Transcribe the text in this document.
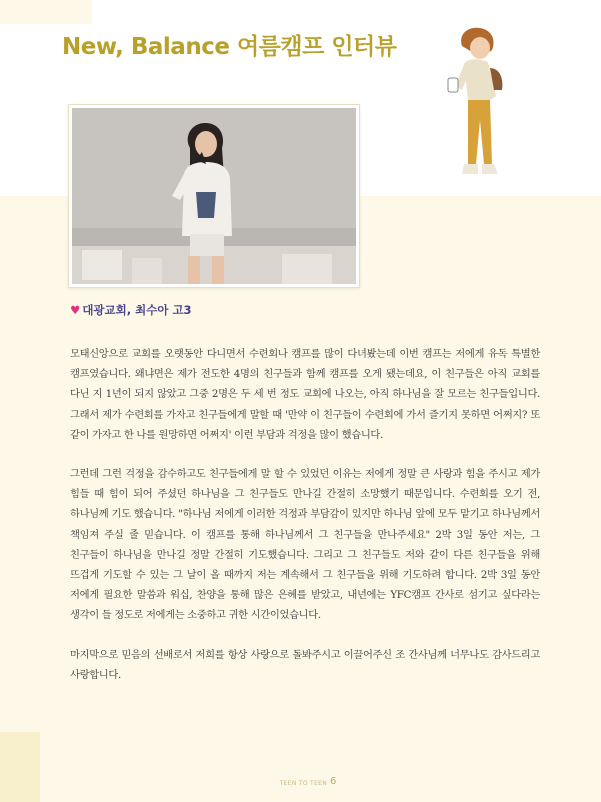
New, Balance 여름캠프 인터뷰

♥ 대광교회, 최수아 고3

모태신앙으로 교회를 오랫동안 다니면서 수련회나 캠프를 많이 다녀봤는데 이번 캠프는 저에게 유독 특별한 캠프였습니다. 왜냐면은 제가 전도한 4명의 친구들과 함께 캠프를 오게 됐는데요, 이 친구들은 아직 교회를 다닌 지 1년이 되지 않았고 그중 2명은 두 세 번 정도 교회에 나오는, 아직 하나님을 잘 모르는 친구들입니다. 그래서 제가 수련회를 가자고 친구들에게 말할 때 '만약 이 친구들이 수련회에 가서 즐기지 못하면 어쩌지? 또 같이 가자고 한 나를 원망하면 어쩌지' 이런 부담과 걱정을 많이 했습니다.

그런데 그런 걱정을 감수하고도 친구들에게 말 할 수 있었던 이유는 저에게 정말 큰 사랑과 힘을 주시고 제가 힘들 때 힘이 되어 주셨던 하나님을 그 친구들도 만나길 간절히 소망했기 때문입니다. 수련회를 오기 전, 하나님께 기도 했습니다. "하나님 저에게 이러한 걱정과 부담감이 있지만 하나님 앞에 모두 맡기고 하나님께서 책임져 주실 줄 믿습니다. 이 캠프를 통해 하나님께서 그 친구들을 만나주세요" 2박 3일 동안 저는, 그 친구들이 하나님을 만나길 정말 간절히 기도했습니다. 그리고 그 친구들도 저와 같이 다른 친구들을 위해 뜨겁게 기도할 수 있는 그 날이 올 때까지 저는 계속해서 그 친구들을 위해 기도하려 합니다. 2박 3일 동안 저에게 필요한 말씀과 워십, 찬양을 통해 많은 은혜를 받았고, 내년에는 YFC캠프 간사로 섬기고 싶다라는 생각이 들 정도로 저에게는 소중하고 귀한 시간이었습니다.

마지막으로 믿음의 선배로서 저희를 항상 사랑으로 돌봐주시고 이끌어주신 조 간사님께 너무나도 감사드리고 사랑합니다.

TEEN TO TEEN 6
